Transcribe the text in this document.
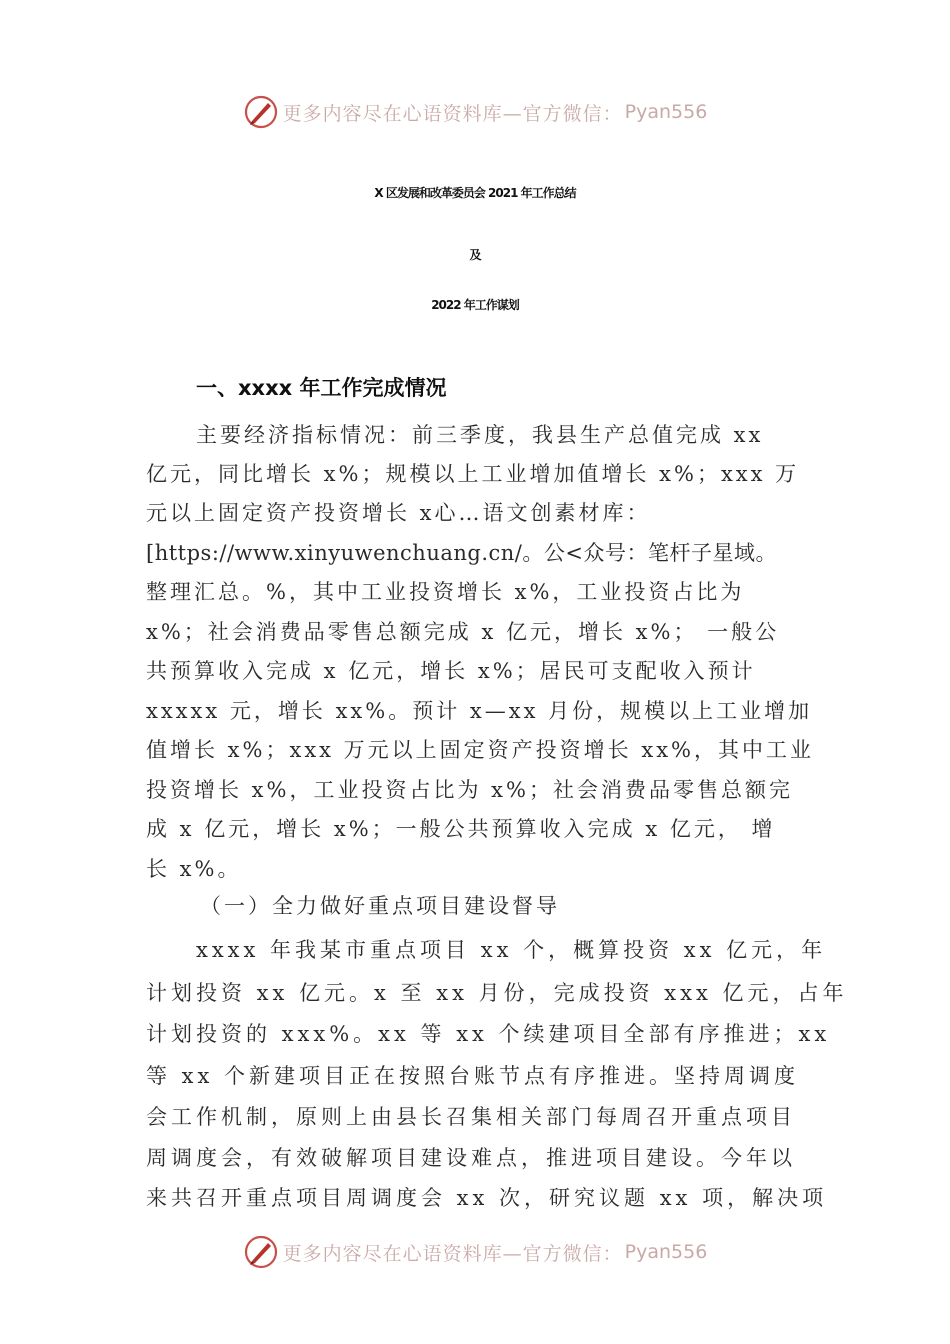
更多内容尽在心语资料库—官方微信： Pyan556
X 区发展和改革委员会 2021 年工作总结
及
2022 年工作谋划
一、xxxx 年工作完成情况
主要经济指标情况：前三季度，我县生产总值完成 xx
亿元，同比增长 x%；规模以上工业增加值增长 x%；xxx 万
元以上固定资产投资增长 x心…语文创素材库：
[https://www.xinyuwenchuang.cn/。公<众号：笔杆子星域。
整理汇总。%，其中工业投资增长 x%，工业投资占比为
x%；社会消费品零售总额完成 x 亿元，增长 x%； 一般公
共预算收入完成 x 亿元，增长 x%；居民可支配收入预计
xxxxx 元，增长 xx%。预计 x—xx 月份，规模以上工业增加
值增长 x%；xxx 万元以上固定资产投资增长 xx%，其中工业
投资增长 x%，工业投资占比为 x%；社会消费品零售总额完
成 x 亿元，增长 x%；一般公共预算收入完成 x 亿元， 增
长 x%。
（一）全力做好重点项目建设督导
xxxx 年我某市重点项目 xx 个，概算投资 xx 亿元，年
计划投资 xx 亿元。x 至 xx 月份，完成投资 xxx 亿元，占年
计划投资的 xxx%。xx 等 xx 个续建项目全部有序推进；xx
等 xx 个新建项目正在按照台账节点有序推进。坚持周调度
会工作机制，原则上由县长召集相关部门每周召开重点项目
周调度会，有效破解项目建设难点，推进项目建设。今年以
来共召开重点项目周调度会 xx 次，研究议题 xx 项，解决项
更多内容尽在心语资料库—官方微信： Pyan556
